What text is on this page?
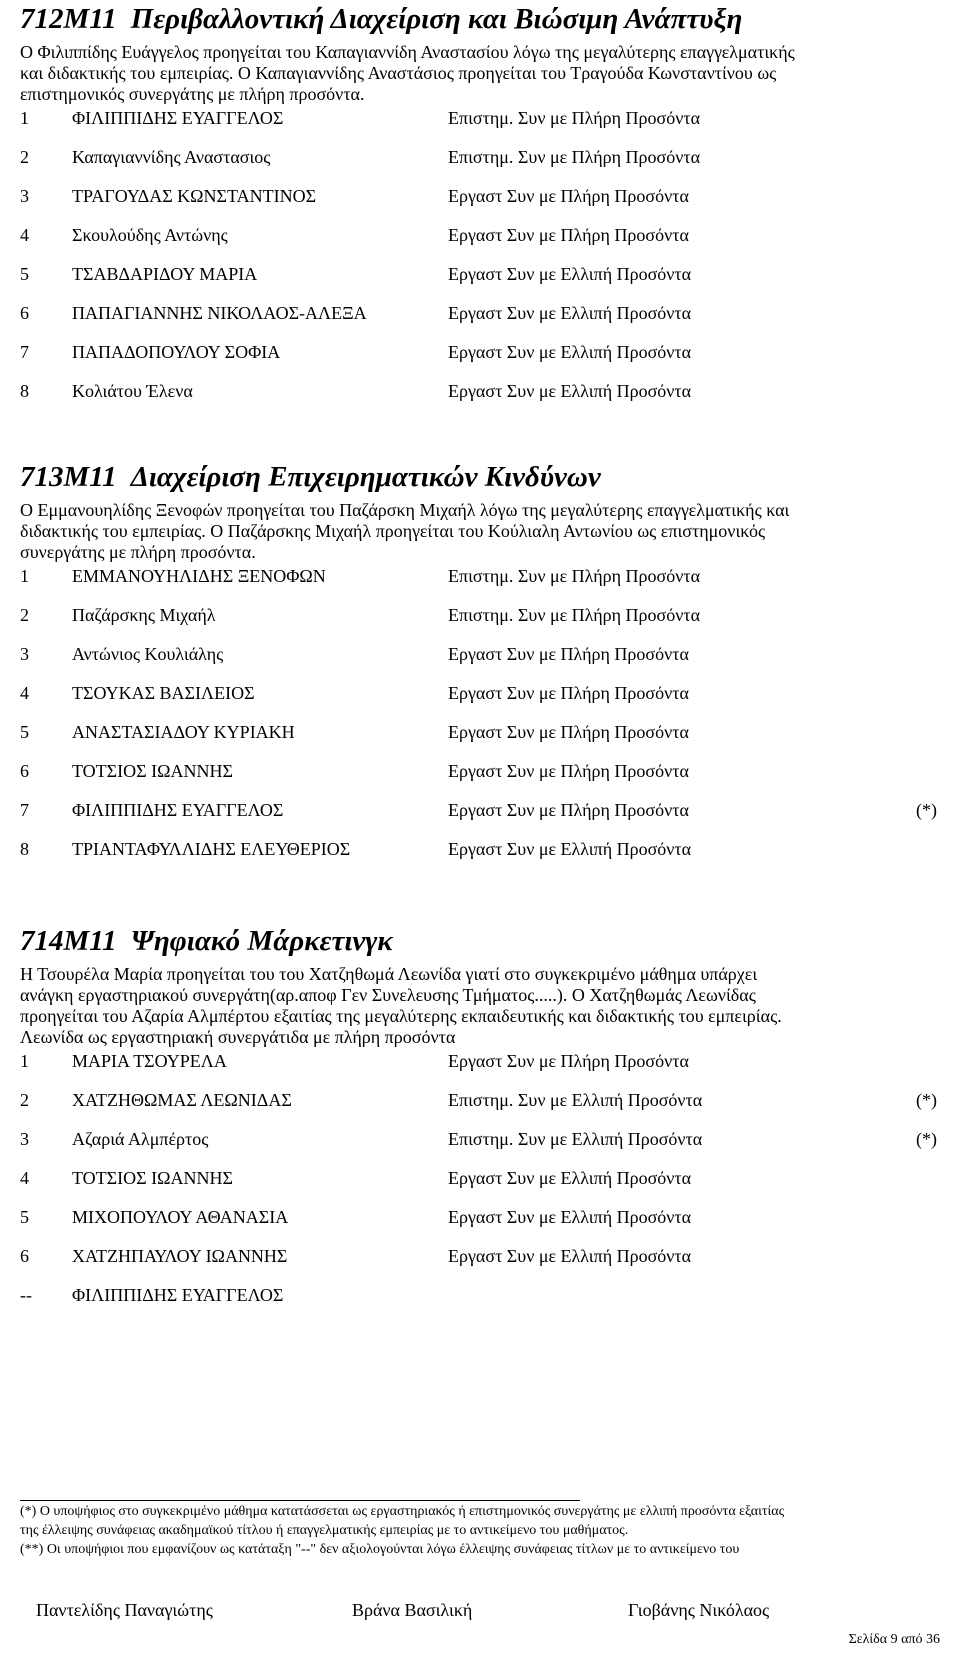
712Μ11 Περιβαλλοντική Διαχείριση και Βιώσιμη Ανάπτυξη

Ο Φιλιππίδης Ευάγγελος προηγείται του Καπαγιαννίδη Αναστασίου λόγω της μεγαλύτερης επαγγελματικής

και διδακτικής του εμπειρίας. Ο Καπαγιαννίδης Αναστάσιος προηγείται του Τραγούδα Κωνσταντίνου ως

επιστημονικός συνεργάτης με πλήρη προσόντα.

1 ΦΙΛΙΠΠΙΔΗΣ ΕΥΑΓΓΕΛΟΣ	Επιστημ. Συν με Πλήρη Προσόντα
2 Καπαγιαννίδης Αναστασιος	Επιστημ. Συν με Πλήρη Προσόντα
3 ΤΡΑΓΟΥΔΑΣ ΚΩΝΣΤΑΝΤΙΝΟΣ	Εργαστ Συν με Πλήρη Προσόντα
4 Σκουλούδης Αντώνης	Εργαστ Συν με Πλήρη Προσόντα
5 ΤΣΑΒΔΑΡΙΔΟΥ ΜΑΡΙΑ	Εργαστ Συν με Ελλιπή Προσόντα
6 ΠΑΠΑΓΙΑΝΝΗΣ ΝΙΚΟΛΑΟΣ-ΑΛΕΞΑ	Εργαστ Συν με Ελλιπή Προσόντα
7 ΠΑΠΑΔΟΠΟΥΛΟΥ ΣΟΦΙΑ	Εργαστ Συν με Ελλιπή Προσόντα
8 Κολιάτου Έλενα	Εργαστ Συν με Ελλιπή Προσόντα
713Μ11 Διαχείριση Επιχειρηματικών Κινδύνων

Ο Εμμανουηλίδης Ξενοφών προηγείται του Παζάρσκη Μιχαήλ λόγω της μεγαλύτερης επαγγελματικής και

διδακτικής του εμπειρίας. Ο Παζάρσκης Μιχαήλ προηγείται του Κούλιαλη Αντωνίου ως επιστημονικός

συνεργάτης με πλήρη προσόντα.

1 ΕΜΜΑΝΟΥΗΛΙΔΗΣ ΞΕΝΟΦΩΝ	Επιστημ. Συν με Πλήρη Προσόντα
2 Παζάρσκης Μιχαήλ	Επιστημ. Συν με Πλήρη Προσόντα
3 Αντώνιος Κουλιάλης	Εργαστ Συν με Πλήρη Προσόντα
4 ΤΣΟΥΚΑΣ ΒΑΣΙΛΕΙΟΣ	Εργαστ Συν με Πλήρη Προσόντα
5 ΑΝΑΣΤΑΣΙΑΔΟΥ ΚΥΡΙΑΚΗ	Εργαστ Συν με Πλήρη Προσόντα
6 ΤΟΤΣΙΟΣ ΙΩΑΝΝΗΣ	Εργαστ Συν με Πλήρη Προσόντα
7 ΦΙΛΙΠΠΙΔΗΣ ΕΥΑΓΓΕΛΟΣ	Εργαστ Συν με Πλήρη Προσόντα	(*)
8 ΤΡΙΑΝΤΑΦΥΛΛΙΔΗΣ ΕΛΕΥΘΕΡΙΟΣ	Εργαστ Συν με Ελλιπή Προσόντα
714Μ11 Ψηφιακό Μάρκετινγκ

Η Τσουρέλα Μαρία προηγείται του του Χατζηθωμά Λεωνίδα γιατί στο συγκεκριμένο μάθημα υπάρχει

ανάγκη εργαστηριακού συνεργάτη(αρ.αποφ Γεν Συνελευσης Τμήματος.....). Ο Χατζηθωμάς Λεωνίδας

προηγείται του Αζαρία Αλμπέρτου εξαιτίας της μεγαλύτερης εκπαιδευτικής και διδακτικής του εμπειρίας.

Λεωνίδα ως εργαστηριακή συνεργάτιδα με πλήρη προσόντα

1 ΜΑΡΙΑ ΤΣΟΥΡΕΛΑ	Εργαστ Συν με Πλήρη Προσόντα
2 ΧΑΤΖΗΘΩΜΑΣ ΛΕΩΝΙΔΑΣ	Επιστημ. Συν με Ελλιπή Προσόντα	(*)
3 Αζαριά Αλμπέρτος	Επιστημ. Συν με Ελλιπή Προσόντα	(*)
4 ΤΟΤΣΙΟΣ ΙΩΑΝΝΗΣ	Εργαστ Συν με Ελλιπή Προσόντα
5 ΜΙΧΟΠΟΥΛΟΥ ΑΘΑΝΑΣΙΑ	Εργαστ Συν με Ελλιπή Προσόντα
6 ΧΑΤΖΗΠΑΥΛΟΥ ΙΩΑΝΝΗΣ	Εργαστ Συν με Ελλιπή Προσόντα
-- ΦΙΛΙΠΠΙΔΗΣ ΕΥΑΓΓΕΛΟΣ

(*) Ο υποψήφιος στο συγκεκριμένο μάθημα κατατάσσεται ως εργαστηριακός ή επιστημονικός συνεργάτης με ελλιπή προσόντα εξαιτίας

της έλλειψης συνάφειας ακαδημαϊκού τίτλου ή επαγγελματικής εμπειρίας με το αντικείμενο του μαθήματος.

(**) Οι υποψήφιοι που εμφανίζουν ως κατάταξη "--" δεν αξιολογούνται λόγω έλλειψης συνάφειας τίτλων με το αντικείμενο του

Παντελίδης Παναγιώτης	Βράνα Βασιλική	Γιοβάνης Νικόλαος
Σελίδα 9 από 36
